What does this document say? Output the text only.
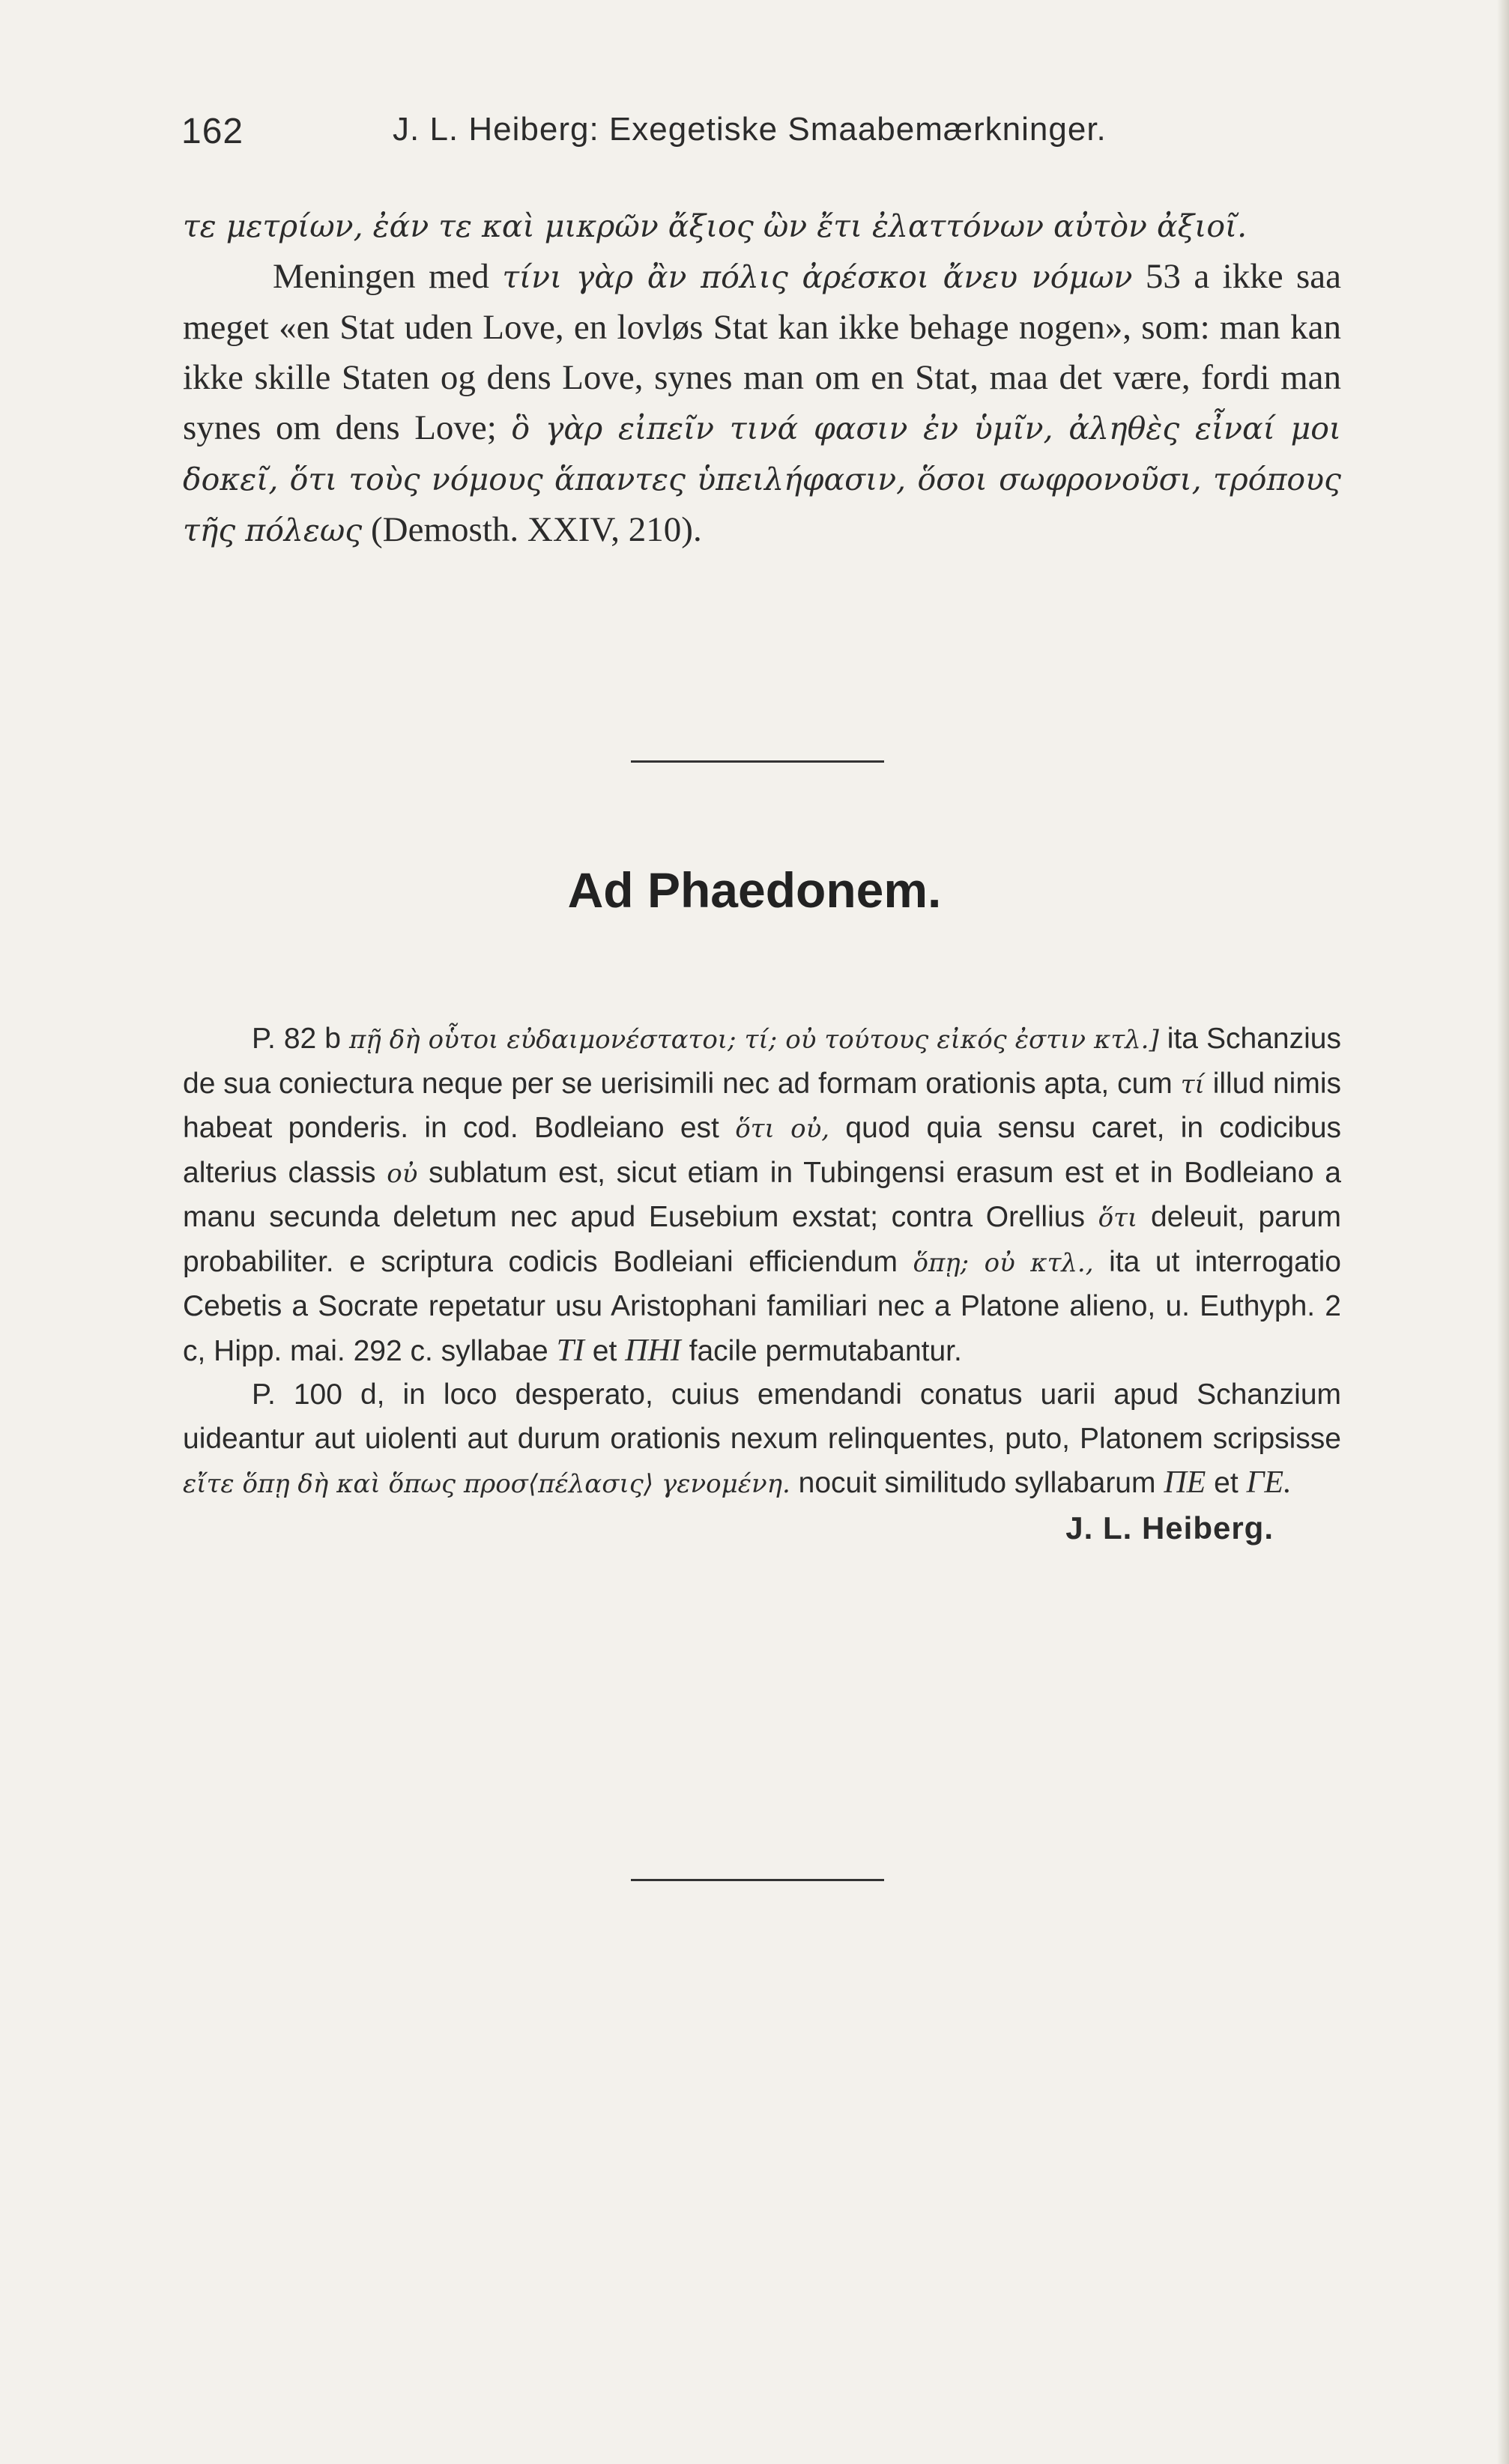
162	J. L. Heiberg: Exegetiske Smaabemærkninger.

τε μετρίων, ἐάν τε καὶ μικρῶν ἄξιος ὢν ἔτι ἐλαττόνων αὐτὸν ἀξιοῖ.

Meningen med τίνι γὰρ ἂν πόλις ἀρέσκοι ἄνευ νόμων 53 a ikke saa meget «en Stat uden Love, en lovløs Stat kan ikke behage nogen», som: man kan ikke skille Staten og dens Love, synes man om en Stat, maa det være, fordi man synes om dens Love; ὃ γὰρ εἰπεῖν τινά φασιν ἐν ὑμῖν, ἀληθὲς εἶναί μοι δοκεῖ, ὅτι τοὺς νόμους ἅπαντες ὑπειλήφασιν, ὅσοι σωφρονοῦσι, τρόπους τῆς πόλεως (Demosth. XXIV, 210).

Ad Phaedonem.

P. 82 b πῇ δὴ οὗτοι εὐδαιμονέστατοι; τί; οὐ τούτους εἰκός ἐστιν κτλ.] ita Schanzius de sua coniectura neque per se uerisimili nec ad formam orationis apta, cum τί illud nimis habeat ponderis. in cod. Bodleiano est ὅτι οὐ, quod quia sensu caret, in codicibus alterius classis οὐ sublatum est, sicut etiam in Tubingensi erasum est et in Bodleiano a manu secunda deletum nec apud Eusebium exstat; contra Orellius ὅτι deleuit, parum probabiliter. e scriptura codicis Bodleiani efficiendum ὅπῃ; οὐ κτλ., ita ut interrogatio Cebetis a Socrate repetatur usu Aristophani familiari nec a Platone alieno, u. Euthyph. 2 c, Hipp. mai. 292 c. syllabae TI et ΠΗΙ facile permutabantur.

P. 100 d, in loco desperato, cuius emendandi conatus uarii apud Schanzium uideantur aut uiolenti aut durum orationis nexum relinquentes, puto, Platonem scripsisse εἴτε ὅπῃ δὴ καὶ ὅπως προσ⟨πέλασις⟩ γενομένη. nocuit similitudo syllabarum ΠΕ et ΓΕ.

J. L. Heiberg.
